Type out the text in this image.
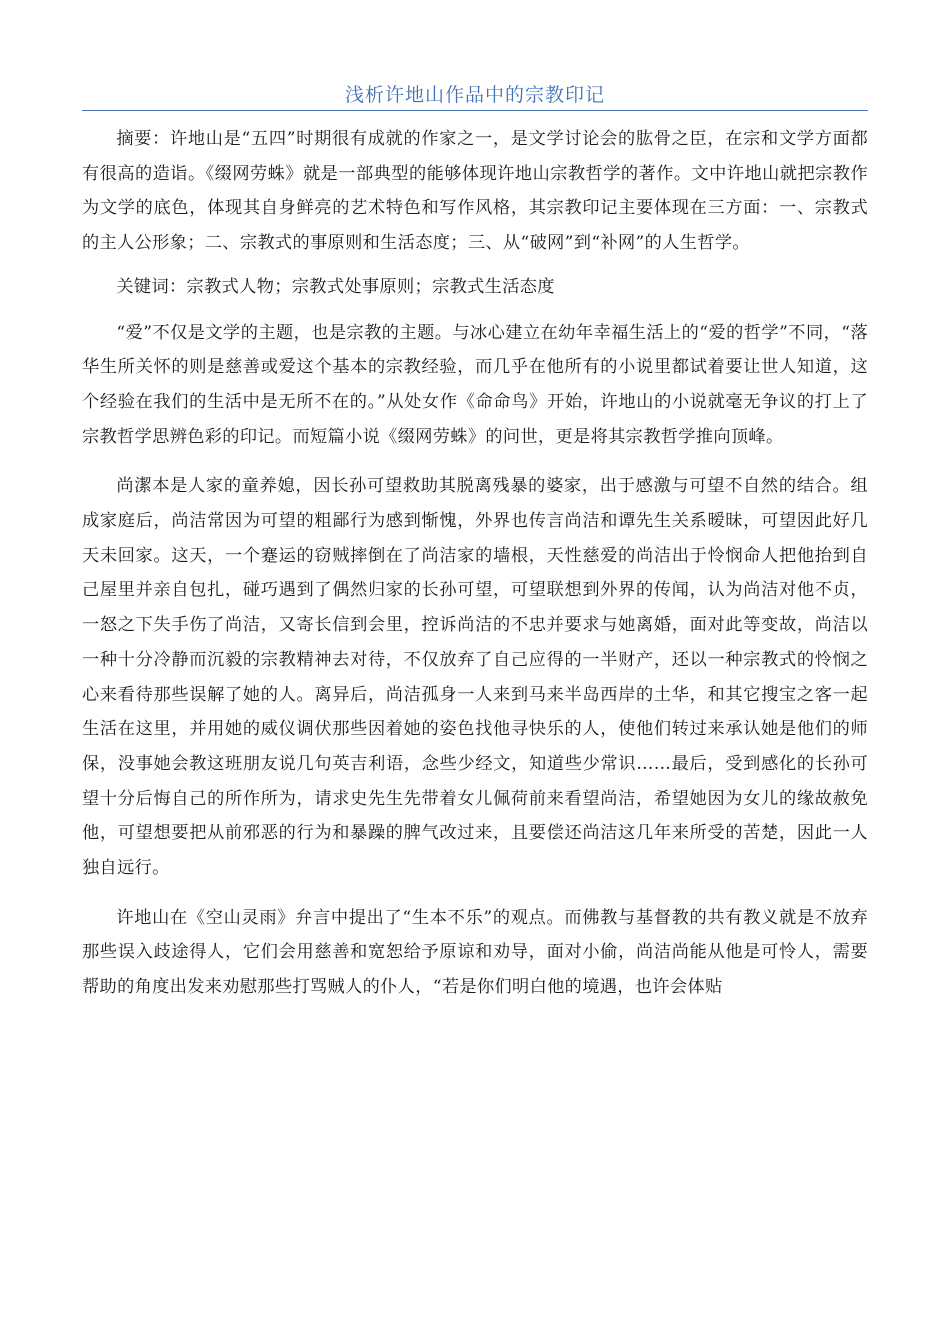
浅析许地山作品中的宗教印记

摘要：许地山是“五四”时期很有成就的作家之一，是文学讨论会的肱骨之臣，在宗和文学方面都有很高的造诣。《缀网劳蛛》就是一部典型的能够体现许地山宗教哲学的著作。文中许地山就把宗教作为文学的底色，体现其自身鲜亮的艺术特色和写作风格，其宗教印记主要体现在三方面：一、宗教式的主人公形象；二、宗教式的事原则和生活态度；三、从“破网”到“补网”的人生哲学。

关键词：宗教式人物；宗教式处事原则；宗教式生活态度

“爱”不仅是文学的主题，也是宗教的主题。与冰心建立在幼年幸福生活上的“爱的哲学”不同，“落华生所关怀的则是慈善或爱这个基本的宗教经验，而几乎在他所有的小说里都试着要让世人知道，这个经验在我们的生活中是无所不在的。”从处女作《命命鸟》开始，许地山的小说就毫无争议的打上了宗教哲学思辨色彩的印记。而短篇小说《缀网劳蛛》的问世，更是将其宗教哲学推向顶峰。

尚潔本是人家的童养媳，因长孙可望救助其脱离残暴的婆家，出于感激与可望不自然的结合。组成家庭后，尚洁常因为可望的粗鄙行为感到惭愧，外界也传言尚洁和谭先生关系暧昧，可望因此好几天未回家。这天，一个蹇运的窃贼摔倒在了尚洁家的墙根，天性慈爱的尚洁出于怜悯命人把他抬到自己屋里并亲自包扎，碰巧遇到了偶然归家的长孙可望，可望联想到外界的传闻，认为尚洁对他不贞，一怒之下失手伤了尚洁，又寄长信到会里，控诉尚洁的不忠并要求与她离婚，面对此等变故，尚洁以一种十分冷静而沉毅的宗教精神去对待，不仅放弃了自己应得的一半财产，还以一种宗教式的怜悯之心来看待那些误解了她的人。离异后，尚洁孤身一人来到马来半岛西岸的土华，和其它搜宝之客一起生活在这里，并用她的威仪调伏那些因着她的姿色找他寻快乐的人，使他们转过来承认她是他们的师保，没事她会教这班朋友说几句英吉利语，念些少经文，知道些少常识……最后，受到感化的长孙可望十分后悔自己的所作所为，请求史先生先带着女儿佩荷前来看望尚洁，希望她因为女儿的缘故赦免他，可望想要把从前邪恶的行为和暴躁的脾气改过来，且要偿还尚洁这几年来所受的苦楚，因此一人独自远行。

许地山在《空山灵雨》弁言中提出了“生本不乐”的观点。而佛教与基督教的共有教义就是不放弃那些误入歧途得人，它们会用慈善和宽恕给予原谅和劝导，面对小偷，尚洁尚能从他是可怜人，需要帮助的角度出发来劝慰那些打骂贼人的仆人，“若是你们明白他的境遇，也许会体贴
